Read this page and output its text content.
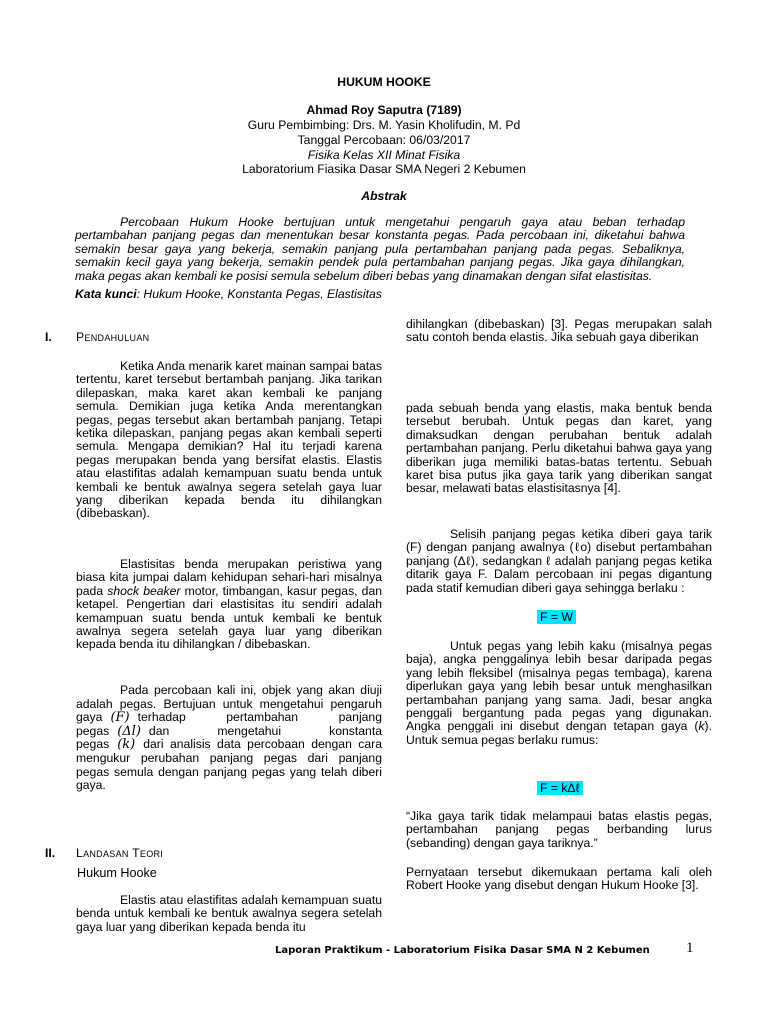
HUKUM HOOKE
Ahmad Roy Saputra (7189)
Guru Pembimbing: Drs. M. Yasin Kholifudin, M. Pd
Tanggal Percobaan: 06/03/2017
Fisika Kelas XII Minat Fisika
Laboratorium Fiasika Dasar SMA Negeri 2 Kebumen
Abstrak
Percobaan Hukum Hooke bertujuan untuk mengetahui pengaruh gaya atau beban terhadap pertambahan panjang pegas dan menentukan besar konstanta pegas. Pada percobaan ini, diketahui bahwa semakin besar gaya yang bekerja, semakin panjang pula pertambahan panjang pada pegas. Sebaliknya, semakin kecil gaya yang bekerja, semakin pendek pula pertambahan panjang pegas. Jika gaya dihilangkan, maka pegas akan kembali ke posisi semula sebelum diberi bebas yang dinamakan dengan sifat elastisitas.
Kata kunci: Hukum Hooke, Konstanta Pegas, Elastisitas
I. Pendahuluan
Ketika Anda menarik karet mainan sampai batas tertentu, karet tersebut bertambah panjang. Jika tarikan dilepaskan, maka karet akan kembali ke panjang semula. Demikian juga ketika Anda merentangkan pegas, pegas tersebut akan bertambah panjang. Tetapi ketika dilepaskan, panjang pegas akan kembali seperti semula. Mengapa demikian? Hal itu terjadi karena pegas merupakan benda yang bersifat elastis. Elastis atau elastifitas adalah kemampuan suatu benda untuk kembali ke bentuk awalnya segera setelah gaya luar yang diberikan kepada benda itu dihilangkan (dibebaskan).
Elastisitas benda merupakan peristiwa yang biasa kita jumpai dalam kehidupan sehari-hari misalnya pada shock beaker motor, timbangan, kasur pegas, dan ketapel. Pengertian dari elastisitas itu sendiri adalah kemampuan suatu benda untuk kembali ke bentuk awalnya segera setelah gaya luar yang diberikan kepada benda itu dihilangkan / dibebaskan.
Pada percobaan kali ini, objek yang akan diuji adalah pegas. Bertujuan untuk mengetahui pengaruh gaya (F) terhadap pertambahan panjang pegas (Δl) dan mengetahui konstanta pegas (k) dari analisis data percobaan dengan cara mengukur perubahan panjang pegas dari panjang pegas semula dengan panjang pegas yang telah diberi gaya.
II. Landasan Teori
Hukum Hooke
Elastis atau elastifitas adalah kemampuan suatu benda untuk kembali ke bentuk awalnya segera setelah gaya luar yang diberikan kepada benda itu
dihilangkan (dibebaskan) [3]. Pegas merupakan salah satu contoh benda elastis. Jika sebuah gaya diberikan
pada sebuah benda yang elastis, maka bentuk benda tersebut berubah. Untuk pegas dan karet, yang dimaksudkan dengan perubahan bentuk adalah pertambahan panjang. Perlu diketahui bahwa gaya yang diberikan juga memiliki batas-batas tertentu. Sebuah karet bisa putus jika gaya tarik yang diberikan sangat besar, melawati batas elastisitasnya [4].
Selisih panjang pegas ketika diberi gaya tarik (F) dengan panjang awalnya (ℓo) disebut pertambahan panjang (Δℓ), sedangkan ℓ adalah panjang pegas ketika ditarik gaya F. Dalam percobaan ini pegas digantung pada statif kemudian diberi gaya sehingga berlaku :
F = W
Untuk pegas yang lebih kaku (misalnya pegas baja), angka penggalinya lebih besar daripada pegas yang lebih fleksibel (misalnya pegas tembaga), karena diperlukan gaya yang lebih besar untuk menghasilkan pertambahan panjang yang sama. Jadi, besar angka penggali bergantung pada pegas yang digunakan. Angka penggali ini disebut dengan tetapan gaya (k). Untuk semua pegas berlaku rumus:
F = kΔℓ
“Jika gaya tarik tidak melampaui batas elastis pegas, pertambahan panjang pegas berbanding lurus (sebanding) dengan gaya tariknya.”
Pernyataan tersebut dikemukaan pertama kali oleh Robert Hooke yang disebut dengan Hukum Hooke [3].
Laporan Praktikum - Laboratorium Fisika Dasar SMA N 2 Kebumen 1
